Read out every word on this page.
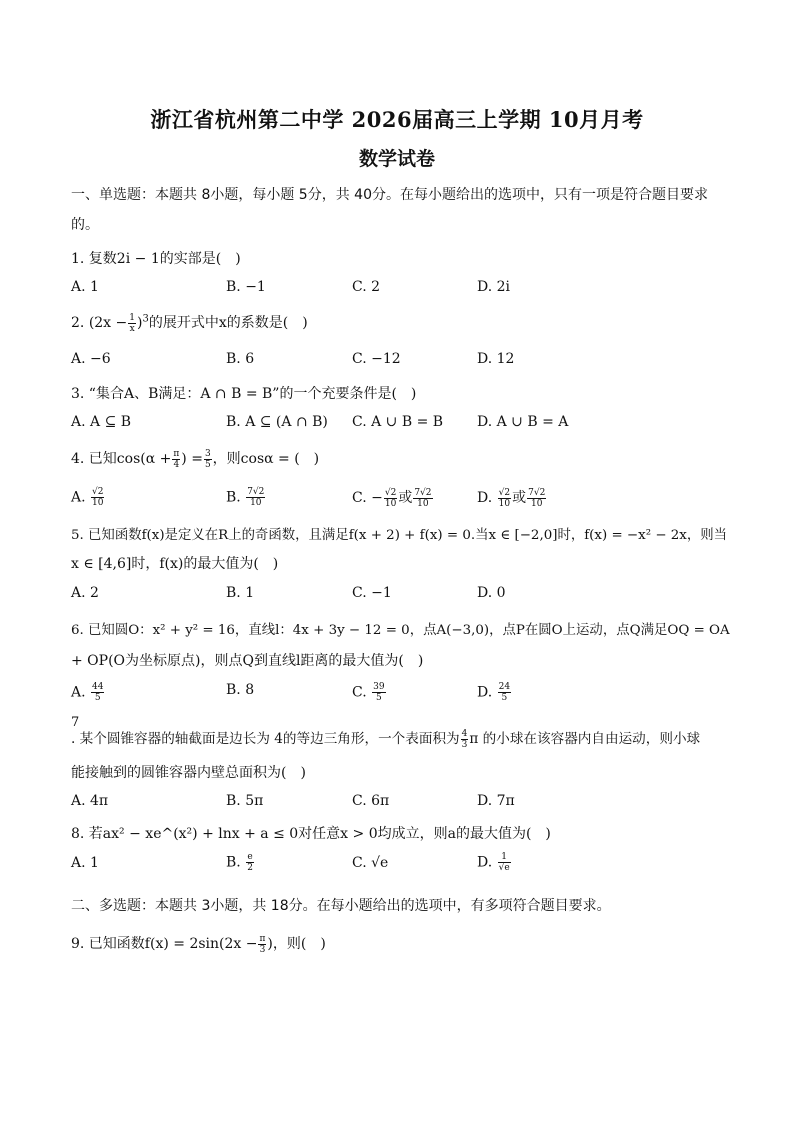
浙江省杭州第二中学 2026届高三上学期 10月月考
数学试卷
一、单选题：本题共 8小题，每小题 5分，共 40分。在每小题给出的选项中，只有一项是符合题目要求
的。
1. 复数2i − 1的实部是(　)
A. 1	B. −1	C. 2	D. 2i
2. $(2x - \frac{1}{x} )^3$的展开式中x的系数是(　)
A. −6	B. 6	C. −12	D. 12
3. “集合A、B满足：A ∩ B = B”的一个充要条件是(　)
A. A ⊆ B	B. A ⊆ (A ∩ B) C. A ∪ B = B D. A ∪ B = A
4. 已知$\cos(\alpha + \frac{\pi}{4}$ ) = $\frac{3}{5}$ ，则cosα = (　)
A. $\frac{√2}{10}$	B. $\frac{7√2}{10}$	C. − $\frac{√2}{10}$ 或 $\frac{7√2}{10}$	D. $\frac{√2}{10}$ 或 $\frac{7√2}{10}$
5. 已知函数f(x)是定义在R上的奇函数，且满足f(x + 2) + f(x) = 0.当x ∈ [−2,0]时，f(x) = −x² − 2x，则当
x ∈ [4,6]时，f(x)的最大值为(　)
A. 2	B. 1	C. −1	D. 0
6. 已知圆O：x² + y² = 16，直线l：4x + 3y − 12 = 0，点A(−3,0)，点P在圆O上运动，点Q满足OQ = OA
+ OP(O为坐标原点)，则点Q到直线l距离的最大值为(　)
A. $\frac{44}{5}$	B. 8	C. $\frac{39}{5}$	D. $\frac{24}{5}$
7
. 某个圆锥容器的轴截面是边长为 4的等边三角形，一个表面积为 $\frac{4}{3}$ π 的小球在该容器内自由运动，则小球
能接触到的圆锥容器内壁总面积为(　)
A. 4π	B. 5π	C. 6π	D. 7π
8. 若ax² − xe^(x²) + lnx + a ≤ 0对任意x > 0均成立，则a的最大值为(　)
A. 1	B. $\frac{e}{2}$	C. √e	D. $\frac{1}{√e}$
二、多选题：本题共 3小题，共 18分。在每小题给出的选项中，有多项符合题目要求。
9. 已知函数$f(x) = 2\sin(2x - \frac{\pi}{3}$ )，则(　)
